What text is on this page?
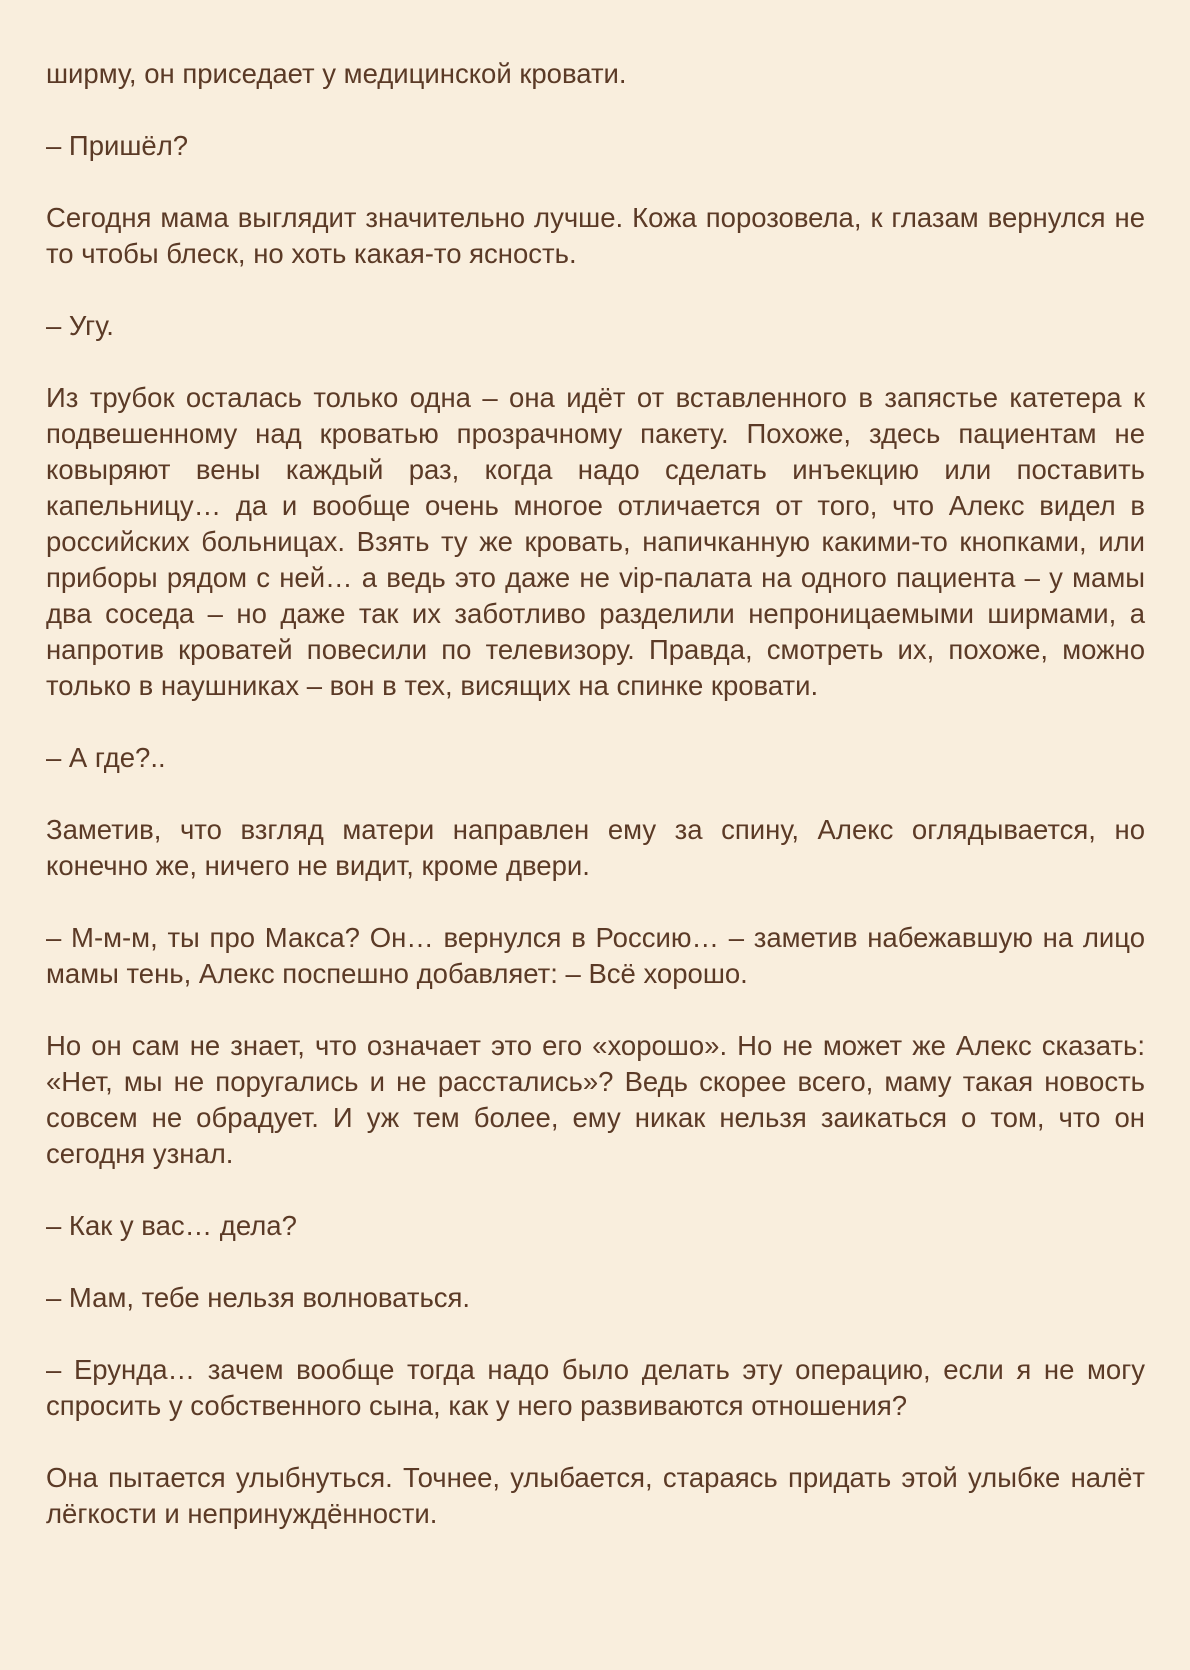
ширму, он приседает у медицинской кровати.

– Пришёл?

Сегодня мама выглядит значительно лучше. Кожа порозовела, к глазам вернулся не то чтобы блеск, но хоть какая-то ясность.

– Угу.

Из трубок осталась только одна – она идёт от вставленного в запястье катетера к подвешенному над кроватью прозрачному пакету. Похоже, здесь пациентам не ковыряют вены каждый раз, когда надо сделать инъекцию или поставить капельницу… да и вообще очень многое отличается от того, что Алекс видел в российских больницах. Взять ту же кровать, напичканную какими-то кнопками, или приборы рядом с ней… а ведь это даже не vip-палата на одного пациента – у мамы два соседа – но даже так их заботливо разделили непроницаемыми ширмами, а напротив кроватей повесили по телевизору. Правда, смотреть их, похоже, можно только в наушниках – вон в тех, висящих на спинке кровати.

– А где?..

Заметив, что взгляд матери направлен ему за спину, Алекс оглядывается, но конечно же, ничего не видит, кроме двери.

– М-м-м, ты про Макса? Он… вернулся в Россию… – заметив набежавшую на лицо мамы тень, Алекс поспешно добавляет: – Всё хорошо.

Но он сам не знает, что означает это его «хорошо». Но не может же Алекс сказать: «Нет, мы не поругались и не расстались»? Ведь скорее всего, маму такая новость совсем не обрадует. И уж тем более, ему никак нельзя заикаться о том, что он сегодня узнал.

– Как у вас… дела?

– Мам, тебе нельзя волноваться.

– Ерунда… зачем вообще тогда надо было делать эту операцию, если я не могу спросить у собственного сына, как у него развиваются отношения?

Она пытается улыбнуться. Точнее, улыбается, стараясь придать этой улыбке налёт лёгкости и непринуждённости.
